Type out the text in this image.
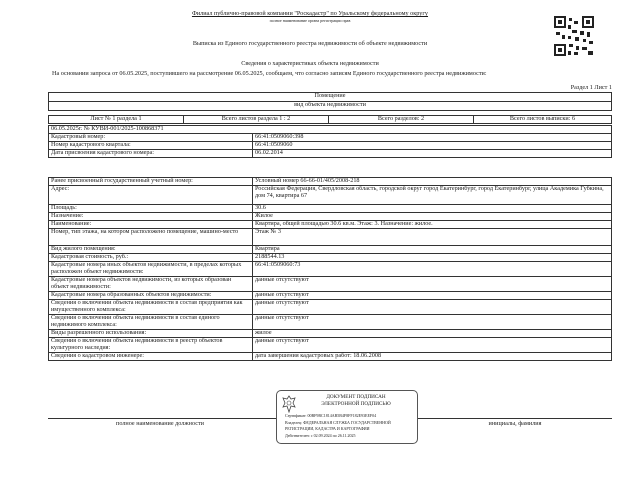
Филиал публично-правовой компании "Роскадастр" по Уральскому федеральному округу
полное наименование органа регистрации прав
Выписка из Единого государственного реестра недвижимости об объекте недвижимости
Сведения о характеристиках объекта недвижимости
На основании запроса от 06.05.2025, поступившего на рассмотрение 06.05.2025, сообщаем, что согласно записям Единого государственного реестра недвижимости:
Раздел 1 Лист 1
Помещение
вид объекта недвижимости
Лист № 1 раздела 1	Всего листов раздела 1 : 2	Всего разделов: 2	Всего листов выписки: 6
06.05.2025г. № КУВИ-001/2025-100868371	
Кадастровый номер:	66:41:0509060:398
Номер кадастрового квартала:	66:41:0509060
Дата присвоения кадастрового номера:	06.02.2014
Ранее присвоенный государственный учетный номер:	Условный номер 66-66-01/405/2008-218
Адрес:	Российская Федерация, Свердловская область, городской округ город Екатеринбург, город Екатеринбург, улица Академика Губкина, дом 74, квартира 67
Площадь:	30.6
Назначение:	Жилое
Наименование:	Квартира, общей площадью 30.6 кв.м. Этаж: 3. Назначение: жилое.
Номер, тип этажа, на котором расположено помещение, машино-место	Этаж № 3
Вид жилого помещения:	Квартира
Кадастровая стоимость, руб.:	2188544.13
Кадастровые номера иных объектов недвижимости, в пределах которых расположен объект недвижимости:	66:41:0509060:73
Кадастровые номера объектов недвижимости, из которых образован объект недвижимости:	данные отсутствуют
Кадастровые номера образованных объектов недвижимости:	данные отсутствуют
Сведения о включении объекта недвижимости в состав предприятия как имущественного комплекса:	данные отсутствуют
Сведения о включении объекта недвижимости в состав единого недвижимого комплекса:	данные отсутствуют
Виды разрешенного использования:	жилое
Сведения о включении объекта недвижимости в реестр объектов культурного наследия:	данные отсутствуют
Сведения о кадастровом инженере:	дата завершения кадастровых работ: 18.06.2008
полное наименование должности	инициалы, фамилия
ДОКУМЕНТ ПОДПИСАН
ЭЛЕКТРОННОЙ ПОДПИСЬЮ
Сертификат: 00BF9BC1814AB5B4F8FF182E93EEF04
Владелец: ФЕДЕРАЛЬНАЯ СЛУЖБА ГОСУДАРСТВЕННОЙ
РЕГИСТРАЦИИ, КАДАСТРА И КАРТОГРАФИИ
Действителен: с 02.09.2024 по 26.11.2025
